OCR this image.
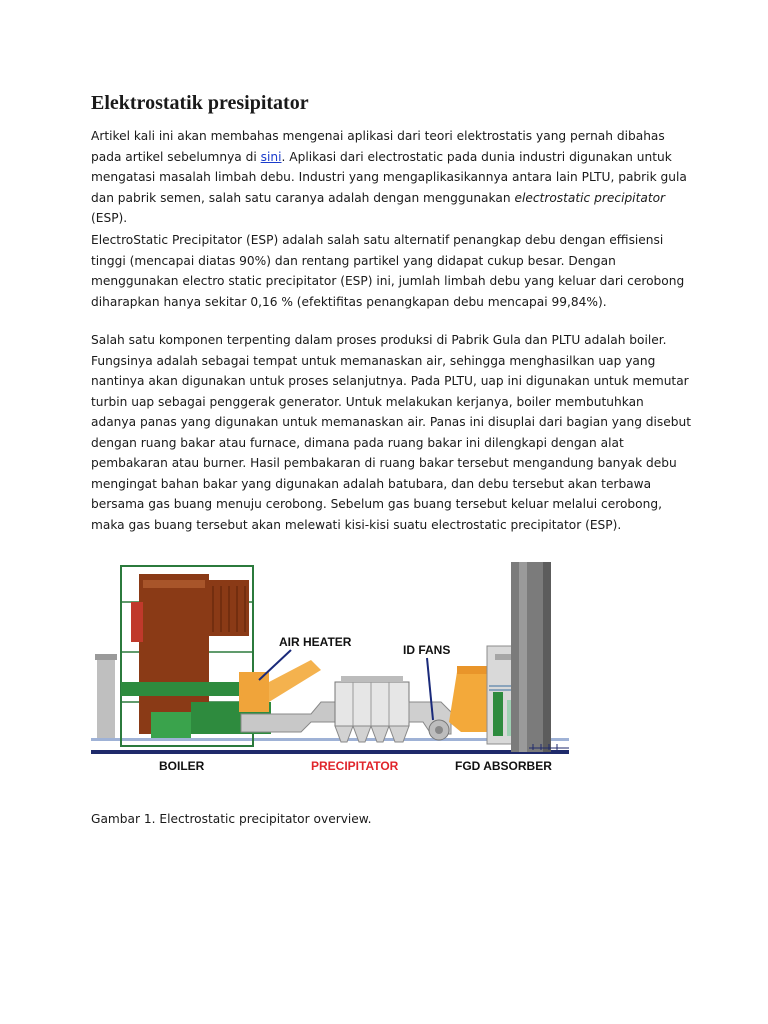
Elektrostatik presipitator

Artikel kali ini akan membahas mengenai aplikasi dari teori elektrostatis yang pernah dibahas pada artikel sebelumnya di sini. Aplikasi dari electrostatic pada dunia industri digunakan untuk mengatasi masalah limbah debu. Industri yang mengaplikasikannya antara lain PLTU, pabrik gula dan pabrik semen, salah satu caranya adalah dengan menggunakan electrostatic precipitator (ESP).

ElectroStatic Precipitator (ESP) adalah salah satu alternatif penangkap debu dengan effisiensi tinggi (mencapai diatas 90%) dan rentang partikel yang didapat cukup besar. Dengan menggunakan electro static precipitator (ESP) ini, jumlah limbah debu yang keluar dari cerobong diharapkan hanya sekitar 0,16 % (efektifitas penangkapan debu mencapai 99,84%).

Salah satu komponen terpenting dalam proses produksi di Pabrik Gula dan PLTU adalah boiler. Fungsinya adalah sebagai tempat untuk memanaskan air, sehingga menghasilkan uap yang nantinya akan digunakan untuk proses selanjutnya. Pada PLTU, uap ini digunakan untuk memutar turbin uap sebagai penggerak generator. Untuk melakukan kerjanya, boiler membutuhkan adanya panas yang digunakan untuk memanaskan air. Panas ini disuplai dari bagian yang disebut dengan ruang bakar atau furnace, dimana pada ruang bakar ini dilengkapi dengan alat pembakaran atau burner. Hasil pembakaran di ruang bakar tersebut mengandung banyak debu mengingat bahan bakar yang digunakan adalah batubara, dan debu tersebut akan terbawa bersama gas buang menuju cerobong. Sebelum gas buang tersebut keluar melalui cerobong, maka gas buang tersebut akan melewati kisi-kisi suatu electrostatic precipitator (ESP).

AIR HEATER
ID FANS
BOILER	PRECIPITATOR	FGD ABSORBER

Gambar 1. Electrostatic precipitator overview.
